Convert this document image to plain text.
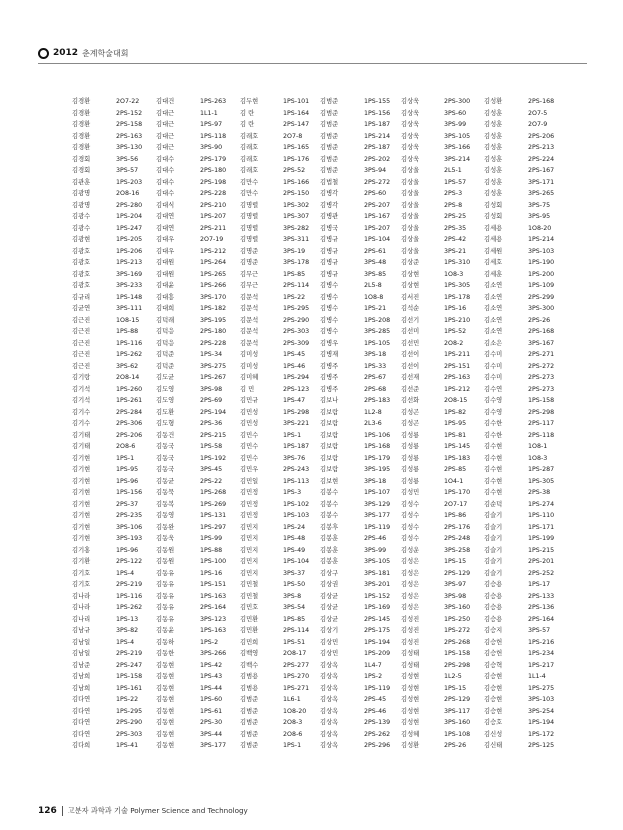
2012 춘계학술대회
김경환	2O7-22	김대건	1PS-263	김두현	1PS-101	김범준	1PS-155	김상욱	2PS-300	김성환	2PS-168
김경환	2PS-152	김대근	1L1-1	김 란	1PS-164	김범준	1PS-156	김상욱	3PS-60	김성훈	2O7-5
김경환	2PS-158	김대근	1PS-97	김 란	2PS-147	김범준	1PS-187	김상욱	3PS-99	김성훈	2O7-9
김경환	2PS-163	김대근	1PS-118	김래호	2O7-8	김범준	1PS-214	김상욱	3PS-105	김성훈	2PS-206
김경환	3PS-130	김대근	3PS-90	김래호	1PS-165	김범준	2PS-187	김상욱	3PS-166	김성훈	2PS-213
김경회	3PS-56	김대수	2PS-179	김래호	1PS-176	김범준	2PS-202	김상욱	3PS-214	김성훈	2PS-224
김경회	3PS-57	김대수	2PS-180	김래호	2PS-52	김범준	3PS-94	김상울	2L5-1	김성훈	2PS-167
김관훈	1PS-203	김대수	2PS-198	김만수	1PS-166	김법철	2PS-272	김상울	1PS-57	김성훈	3PS-171
김광명	2O8-16	김대수	2PS-228	김만수	2PS-150	김병각	2PS-60	김상울	2PS-3	김성훈	3PS-265
김광명	2PS-280	김대식	2PS-210	김명렬	1PS-302	김병각	2PS-207	김상울	2PS-8	김성회	3PS-75
김광수	1PS-204	김대연	1PS-207	김명렬	1PS-307	김병관	1PS-167	김상울	2PS-25	김성회	3PS-95
김광수	1PS-247	김대연	2PS-211	김명렬	3PS-282	김병국	1PS-207	김상울	2PS-35	김세용	1O8-20
김광현	1PS-205	김대우	2O7-19	김명렬	3PS-311	김병규	1PS-104	김상울	2PS-42	김세용	1PS-214
김광호	1PS-206	김대우	1PS-212	김명준	3PS-19	김병규	2PS-61	김상울	3PS-21	김세원	3PS-103
김광호	1PS-213	김대원	1PS-264	김명준	3PS-178	김병규	3PS-48	김상준	1PS-310	김세호	1PS-190
김광호	3PS-169	김대원	1PS-265	김무근	1PS-85	김병규	3PS-85	김상현	1O8-3	김세훈	1PS-200
김광호	3PS-233	김대윤	1PS-266	김무근	2PS-114	김병수	2L5-8	김상현	1PS-305	김소연	1PS-109
김규리	1PS-148	김대흥	3PS-170	김문석	1PS-22	김병수	1O8-8	김서진	1PS-178	김소연	2PS-299
김균연	3PS-111	김대희	1PS-182	김문석	1PS-295	김병수	1PS-21	김석순	1PS-16	김소연	3PS-300
김근진	1O8-15	김덕래	3PS-195	김문석	2PS-290	김병수	1PS-208	김선기	1PS-210	김소연	2PS-26
김근진	1PS-88	김덕응	2PS-180	김문석	2PS-303	김병수	3PS-285	김선미	1PS-52	김소연	2PS-168
김근진	1PS-116	김덕응	2PS-228	김문석	2PS-309	김병우	1PS-105	김선민	2O8-2	김소은	3PS-167
김근진	1PS-262	김덕준	1PS-34	김미성	1PS-45	김병재	3PS-18	김선이	1PS-211	김수미	2PS-271
김근진	3PS-62	김덕준	3PS-275	김미성	1PS-46	김병주	1PS-33	김선이	2PS-151	김수미	2PS-272
김기랑	2O8-14	김도균	1PS-267	김미혜	1PS-294	김병주	2PS-67	김선재	2PS-163	김수미	2PS-273
김기석	1PS-260	김도영	3PS-98	김 민	2PS-123	김병주	2PS-68	김선준	1PS-212	김수연	2PS-273
김기석	1PS-261	김도영	2PS-69	김민규	1PS-47	김보나	2PS-183	김선화	2O8-15	김수영	1PS-158
김기수	2PS-284	김도환	2PS-194	김민성	1PS-298	김보람	1L2-8	김성곤	1PS-82	김수영	2PS-298
김기수	2PS-306	김도형	2PS-36	김민성	3PS-221	김보람	2L3-6	김성곤	1PS-95	김수한	2PS-117
김기태	2PS-206	김동건	2PS-215	김민수	1PS-1	김보람	1PS-106	김성룡	1PS-81	김수한	2PS-118
김기태	2O8-6	김동국	1PS-58	김민수	1PS-187	김보람	1PS-168	김성룡	1PS-145	김수현	1O8-1
김기현	1PS-1	김동국	1PS-192	김민수	3PS-76	김보람	1PS-179	김성룡	1PS-183	김수현	1O8-3
김기현	1PS-95	김동국	3PS-45	김민우	2PS-243	김보람	3PS-195	김성룡	2PS-85	김수현	1PS-287
김기현	1PS-96	김동균	2PS-22	김민일	1PS-113	김보현	3PS-18	김성룡	1O4-1	김수현	1PS-305
김기현	1PS-156	김동묵	1PS-268	김민정	1PS-3	김봉수	1PS-107	김성민	1PS-170	김수현	2PS-38
김기현	2PS-37	김동복	1PS-269	김민정	1PS-102	김봉수	3PS-129	김성수	2O7-17	김순덕	1PS-274
김기현	2PS-235	김동영	1PS-131	김민정	1PS-103	김봉수	3PS-177	김성수	1PS-86	김슬기	1PS-110
김기현	3PS-106	김동완	1PS-297	김민지	1PS-24	김봉후	1PS-119	김성수	2PS-176	김슬기	1PS-171
김기현	3PS-193	김동욱	1PS-99	김민지	1PS-48	김봉훈	2PS-46	김성수	2PS-248	김슬기	1PS-199
김기홍	1PS-96	김동원	1PS-88	김민지	1PS-49	김봉훈	3PS-99	김성운	3PS-258	김슬기	1PS-215
김기환	2PS-122	김동원	1PS-100	김민지	1PS-104	김봉훈	3PS-105	김성은	1PS-15	김슬기	2PS-201
김기호	1PS-4	김동유	1PS-16	김민지	3PS-37	김상구	3PS-181	김성은	2PS-129	김슬기	2PS-252
김기호	2PS-219	김동유	1PS-151	김민철	1PS-50	김상권	3PS-201	김성은	3PS-97	김승용	1PS-17
김나라	1PS-116	김동유	1PS-163	김민철	3PS-8	김상균	1PS-152	김성은	3PS-98	김승용	2PS-133
김나라	1PS-262	김동유	2PS-164	김민호	3PS-54	김상균	1PS-169	김성은	3PS-160	김승용	2PS-136
김나리	1PS-13	김동유	3PS-123	김민환	1PS-85	김상균	2PS-145	김성진	1PS-250	김승용	2PS-164
김남규	3PS-82	김동윤	1PS-163	김민환	2PS-114	김상기	2PS-175	김성진	1PS-272	김승지	3PS-57
김남일	1PS-4	김동하	1PS-2	김민희	1PS-51	김상민	1PS-194	김성진	2PS-268	김승헌	1PS-216
김남일	2PS-219	김동한	3PS-266	김백영	2O8-17	김상민	1PS-209	김성태	1PS-158	김승헌	1PS-234
김남준	2PS-247	김동현	1PS-42	김백수	2PS-277	김상옥	1L4-7	김성태	2PS-298	김승혁	1PS-217
김남희	1PS-158	김동현	1PS-43	김범용	1PS-270	김상옥	1PS-2	김성현	1L2-5	김승현	1L1-4
김남희	1PS-161	김동현	1PS-44	김범용	1PS-271	김상옥	1PS-119	김성현	1PS-15	김승현	1PS-275
김다연	1PS-22	김동현	1PS-60	김범준	1L6-1	김상옥	2PS-45	김성현	2PS-129	김승현	3PS-103
김다연	1PS-295	김동현	1PS-61	김범준	1O8-20	김상옥	2PS-46	김성현	3PS-117	김승현	3PS-254
김다연	2PS-290	김동현	2PS-30	김범준	2O8-3	김상옥	2PS-139	김성현	3PS-160	김승호	1PS-194
김다연	2PS-303	김동현	3PS-44	김범준	2O8-6	김상옥	2PS-262	김성혜	1PS-108	김신성	1PS-172
김다희	1PS-41	김동현	3PS-177	김범준	1PS-1	김상옥	2PS-296	김성환	2PS-26	김신태	2PS-125
126 고분자 과학과 기술 Polymer Science and Technology
